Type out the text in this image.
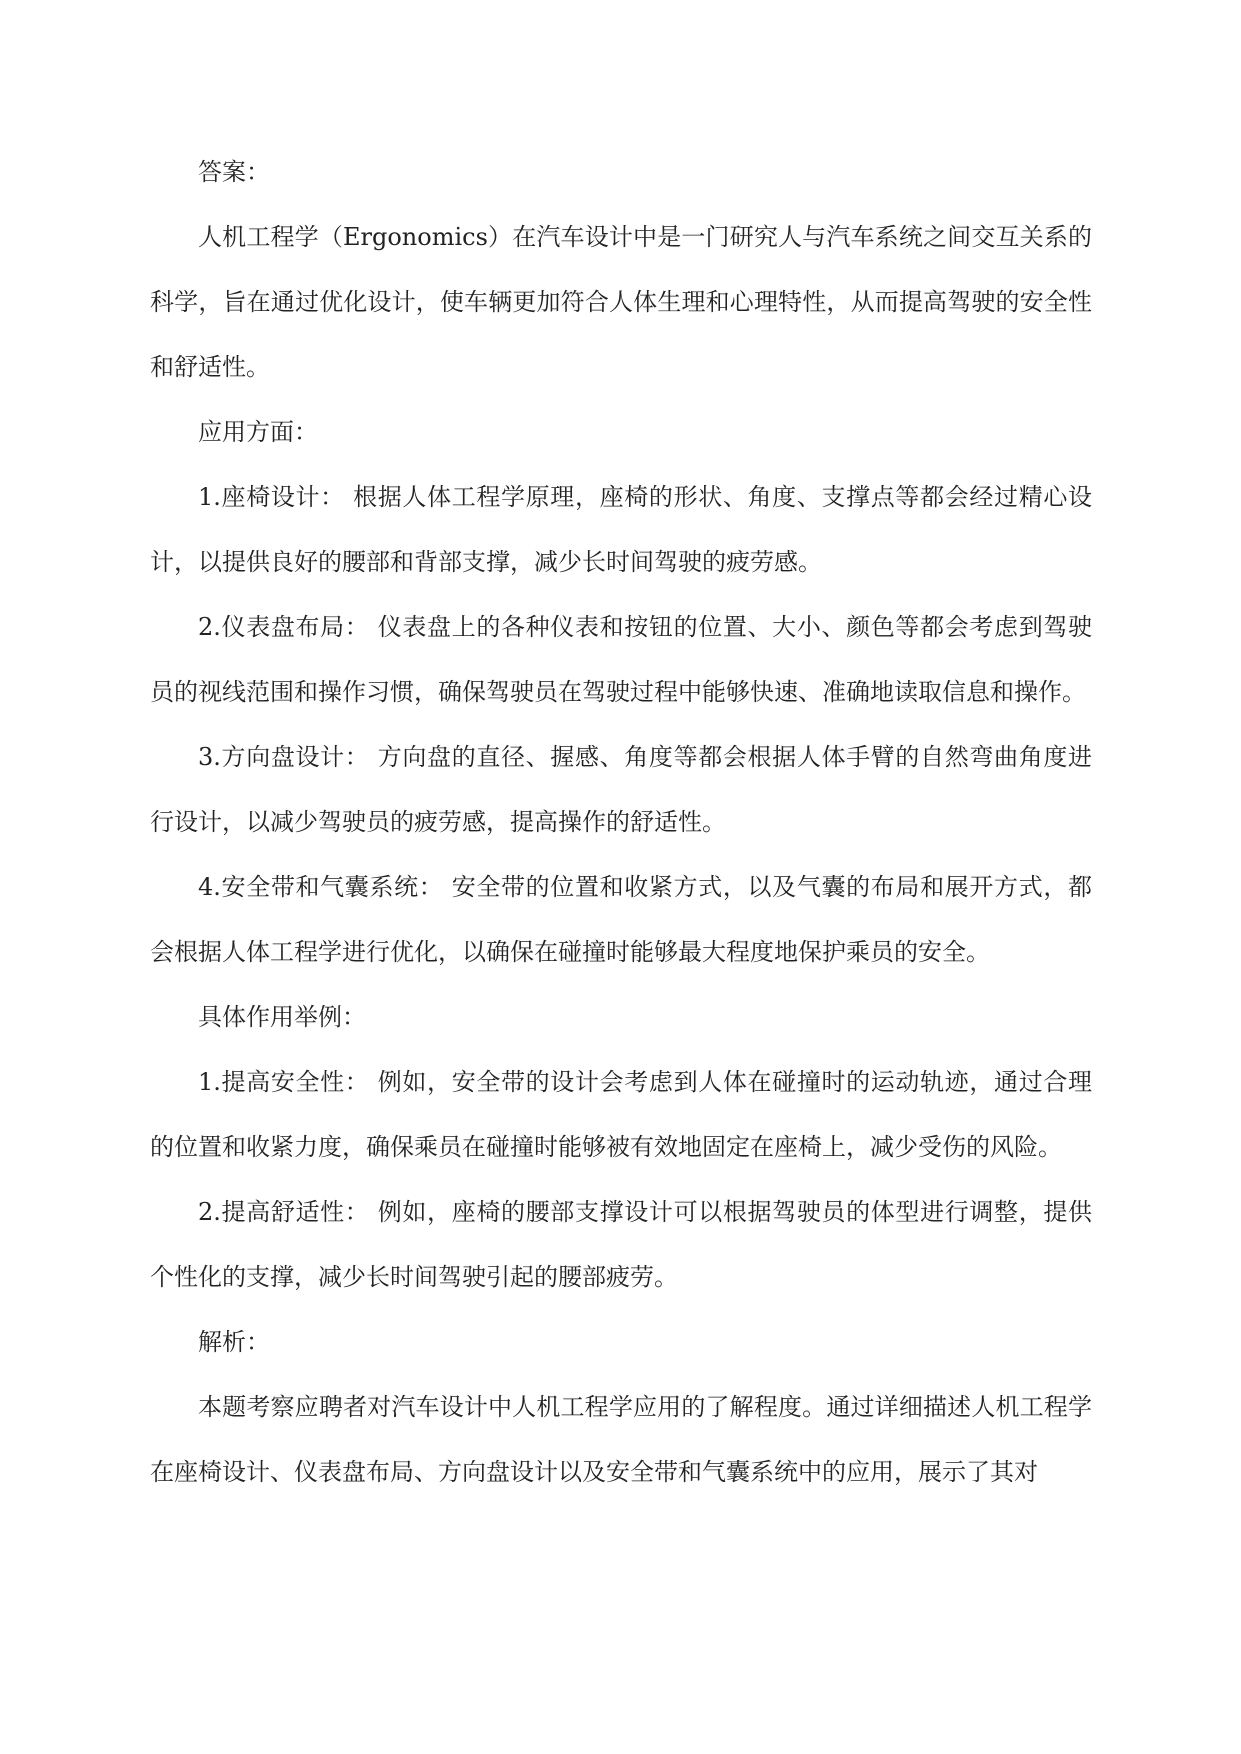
答案：

人机工程学（Ergonomics）在汽车设计中是一门研究人与汽车系统之间交互关系的科学，旨在通过优化设计，使车辆更加符合人体生理和心理特性，从而提高驾驶的安全性和舒适性。

应用方面：

1.座椅设计： 根据人体工程学原理，座椅的形状、角度、支撑点等都会经过精心设计，以提供良好的腰部和背部支撑，减少长时间驾驶的疲劳感。

2.仪表盘布局： 仪表盘上的各种仪表和按钮的位置、大小、颜色等都会考虑到驾驶员的视线范围和操作习惯，确保驾驶员在驾驶过程中能够快速、准确地读取信息和操作。

3.方向盘设计： 方向盘的直径、握感、角度等都会根据人体手臂的自然弯曲角度进行设计，以减少驾驶员的疲劳感，提高操作的舒适性。

4.安全带和气囊系统： 安全带的位置和收紧方式，以及气囊的布局和展开方式，都会根据人体工程学进行优化，以确保在碰撞时能够最大程度地保护乘员的安全。

具体作用举例：

1.提高安全性： 例如，安全带的设计会考虑到人体在碰撞时的运动轨迹，通过合理的位置和收紧力度，确保乘员在碰撞时能够被有效地固定在座椅上，减少受伤的风险。

2.提高舒适性： 例如，座椅的腰部支撑设计可以根据驾驶员的体型进行调整，提供个性化的支撑，减少长时间驾驶引起的腰部疲劳。

解析：

本题考察应聘者对汽车设计中人机工程学应用的了解程度。通过详细描述人机工程学在座椅设计、仪表盘布局、方向盘设计以及安全带和气囊系统中的应用，展示了其对
